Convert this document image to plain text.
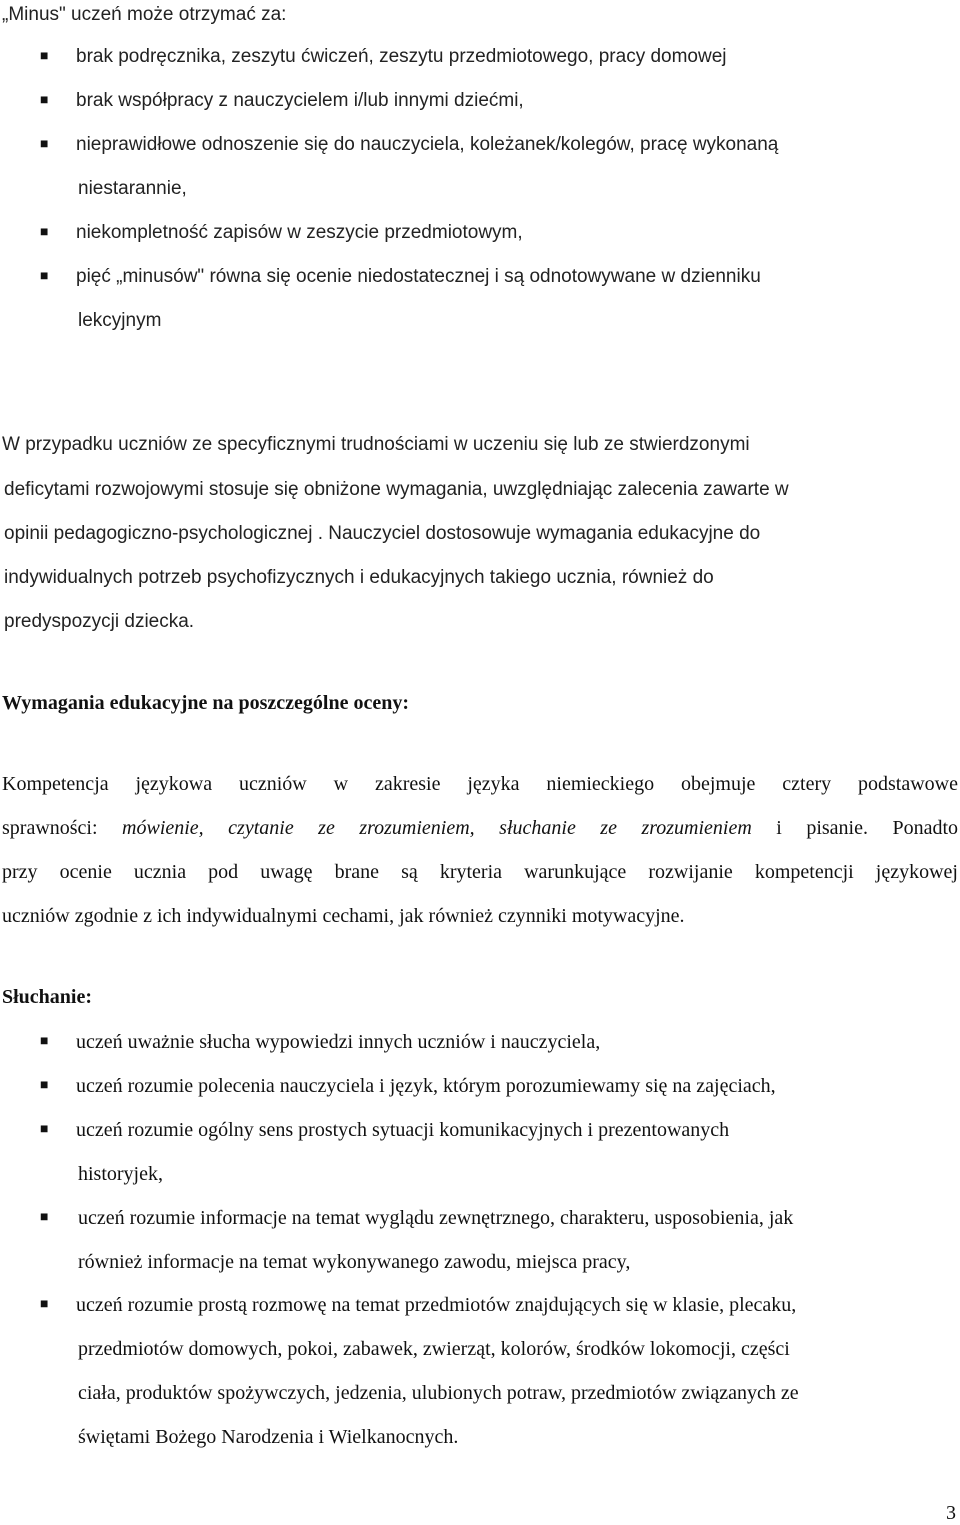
„Minus" uczeń może otrzymać za:
■ brak podręcznika, zeszytu ćwiczeń, zeszytu przedmiotowego, pracy domowej
■ brak współpracy z nauczycielem i/lub innymi dziećmi,
■ nieprawidłowe odnoszenie się do nauczyciela, koleżanek/kolegów, pracę wykonaną
niestarannie,
■ niekompletność zapisów w zeszycie przedmiotowym,
■ pięć „minusów" równa się ocenie niedostatecznej i są odnotowywane w dzienniku
lekcyjnym
W przypadku uczniów ze specyficznymi trudnościami w uczeniu się lub ze stwierdzonymi
deficytami rozwojowymi stosuje się obniżone wymagania, uwzględniając zalecenia zawarte w
opinii pedagogiczno-psychologicznej . Nauczyciel dostosowuje wymagania edukacyjne do
indywidualnych potrzeb psychofizycznych i edukacyjnych takiego ucznia, również do
predyspozycji dziecka.
Wymagania edukacyjne na poszczególne oceny:
Kompetencja językowa uczniów w zakresie języka niemieckiego obejmuje cztery podstawowe
sprawności: mówienie, czytanie ze zrozumieniem, słuchanie ze zrozumieniem i pisanie. Ponadto
przy ocenie ucznia pod uwagę brane są kryteria warunkujące rozwijanie kompetencji językowej
uczniów zgodnie z ich indywidualnymi cechami, jak również czynniki motywacyjne.
Słuchanie:
■ uczeń uważnie słucha wypowiedzi innych uczniów i nauczyciela,
■ uczeń rozumie polecenia nauczyciela i język, którym porozumiewamy się na zajęciach,
■ uczeń rozumie ogólny sens prostych sytuacji komunikacyjnych i prezentowanych
historyjek,
■ uczeń rozumie informacje na temat wyglądu zewnętrznego, charakteru, usposobienia, jak
również informacje na temat wykonywanego zawodu, miejsca pracy,
■ uczeń rozumie prostą rozmowę na temat przedmiotów znajdujących się w klasie, plecaku,
przedmiotów domowych, pokoi, zabawek, zwierząt, kolorów, środków lokomocji, części
ciała, produktów spożywczych, jedzenia, ulubionych potraw, przedmiotów związanych ze
świętami Bożego Narodzenia i Wielkanocnych.
3
